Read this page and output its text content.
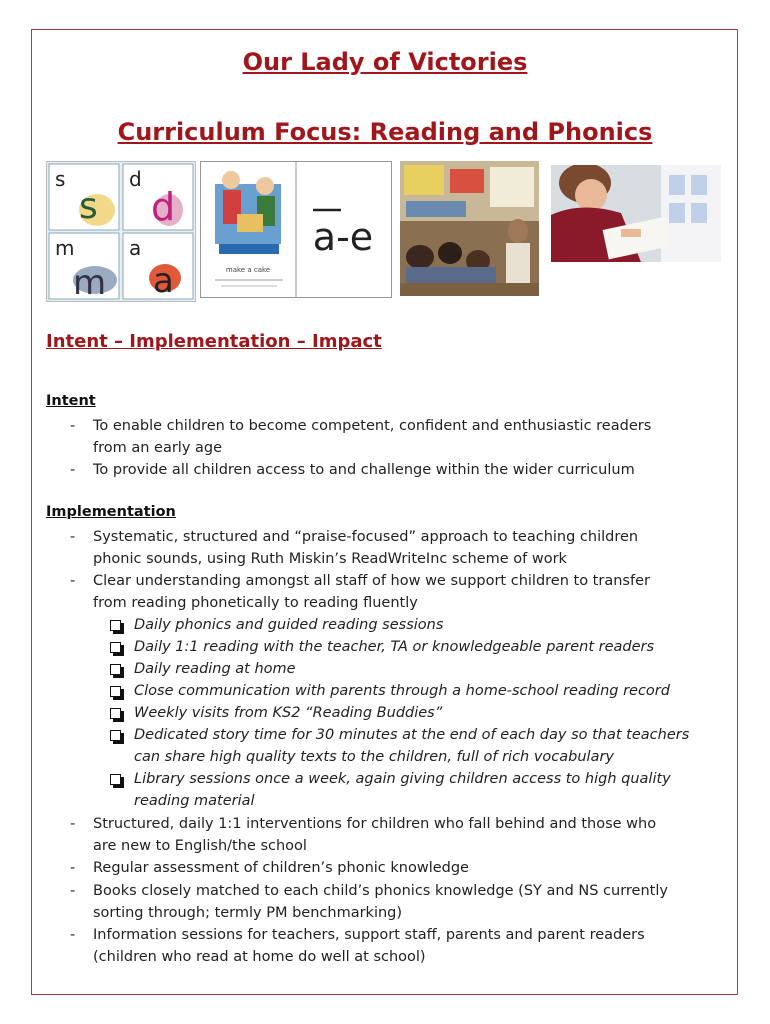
Our Lady of Victories
Curriculum Focus: Reading and Phonics
s
s
d
d
m
m
a
a	make a cake
a-e
Intent – Implementation – Impact
Intent
- To enable children to become competent, confident and enthusiastic readers
from an early age
- To provide all children access to and challenge within the wider curriculum
Implementation
- Systematic, structured and “praise-focused” approach to teaching children
phonic sounds, using Ruth Miskin’s ReadWriteInc scheme of work
- Clear understanding amongst all staff of how we support children to transfer
from reading phonetically to reading fluently
Daily phonics and guided reading sessions
Daily 1:1 reading with the teacher, TA or knowledgeable parent readers
Daily reading at home
Close communication with parents through a home-school reading record
Weekly visits from KS2 “Reading Buddies”
Dedicated story time for 30 minutes at the end of each day so that teachers
can share high quality texts to the children, full of rich vocabulary
Library sessions once a week, again giving children access to high quality
reading material
- Structured, daily 1:1 interventions for children who fall behind and those who
are new to English/the school
- Regular assessment of children’s phonic knowledge
- Books closely matched to each child’s phonics knowledge (SY and NS currently
sorting through; termly PM benchmarking)
- Information sessions for teachers, support staff, parents and parent readers
(children who read at home do well at school)
